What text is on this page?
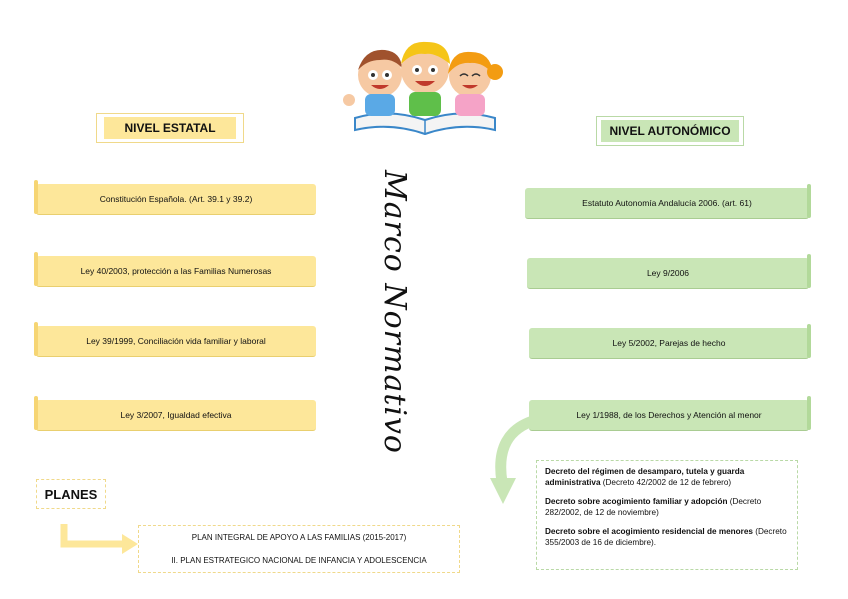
NIVEL ESTATAL	NIVEL AUTONÓMICO
Constitución Española. (Art. 39.1 y 39.2)
Ley 40/2003, protección a las Familias Numerosas
Ley 39/1999, Conciliación vida familiar y laboral
Ley 3/2007, Igualdad efectiva
Estatuto Autonomía Andalucía 2006. (art. 61)
Ley 9/2006
Ley 5/2002, Parejas de hecho
Ley 1/1988, de los Derechos y Atención al menor
Marco Normativo
PLANES
PLAN INTEGRAL DE APOYO A LAS FAMILIAS (2015-2017)
II. PLAN ESTRATEGICO NACIONAL DE INFANCIA Y ADOLESCENCIA

Decreto del régimen de desamparo, tutela y guarda administrativa (Decreto 42/2002 de 12 de febrero)

Decreto sobre acogimiento familiar y adopción (Decreto 282/2002, de 12 de noviembre)

Decreto sobre el acogimiento residencial de menores (Decreto 355/2003 de 16 de diciembre).
